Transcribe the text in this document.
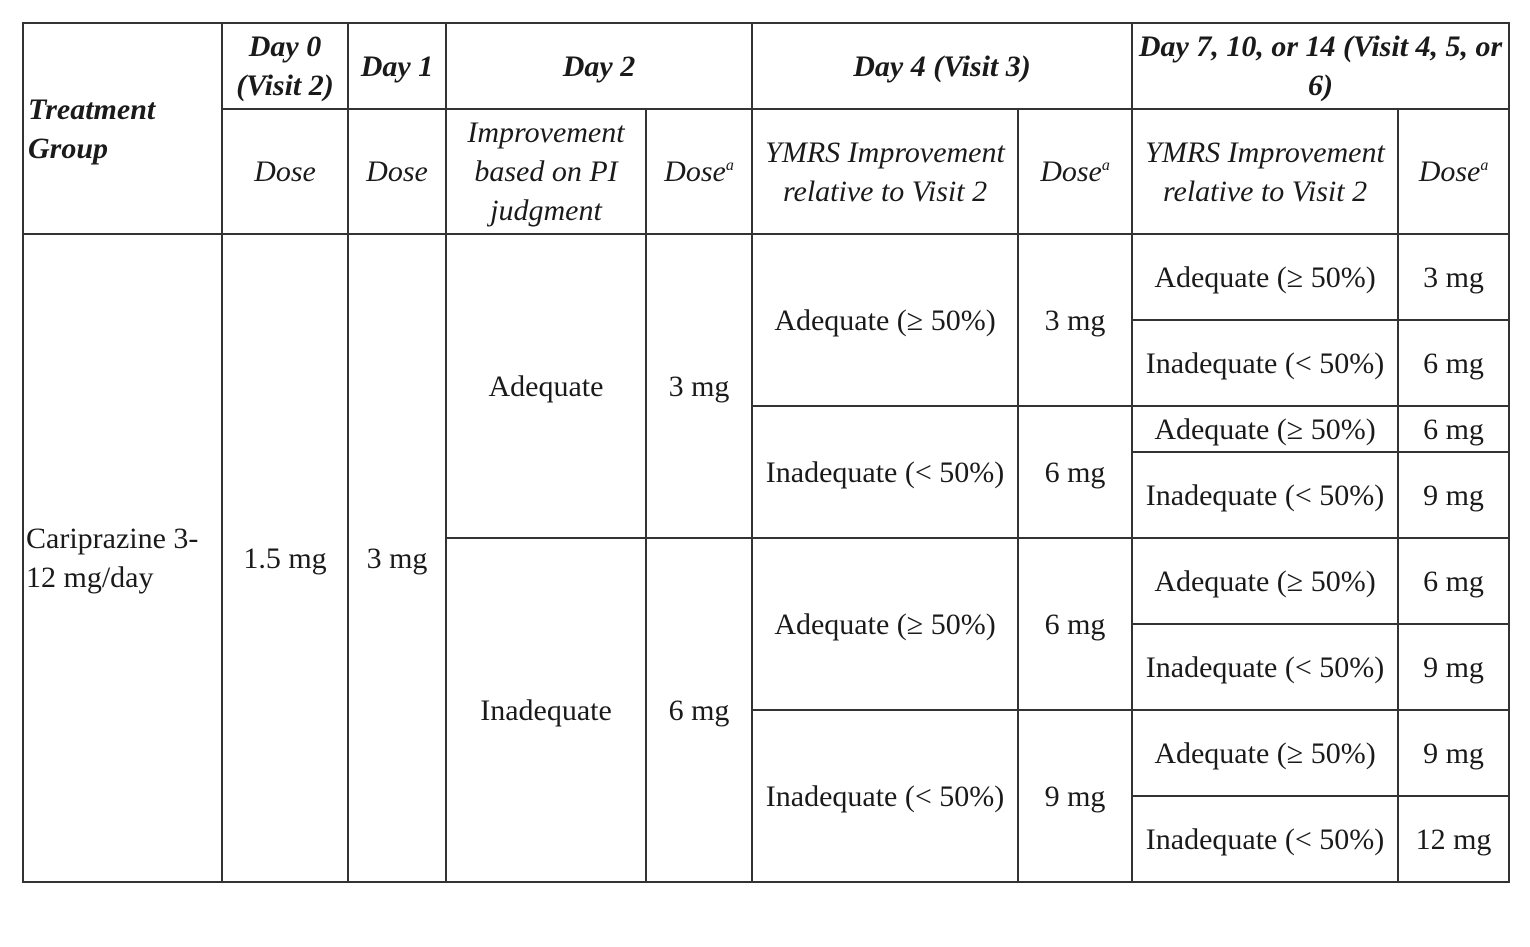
Treatment Group	Day 0 (Visit 2)	Day 1	Day 2		Day 4 (Visit 3)		Day 7, 10, or 14 (Visit 4, 5, or 6)	
	Dose	Dose	Improvement based on PI judgment	Dose$^a$	YMRS Improvement relative to Visit 2	Dose$^a$	YMRS Improvement relative to Visit 2	Dose$^a$
Cariprazine 3-12 mg/day	1.5 mg	3 mg	Adequate	3 mg	Adequate (≥ 50%)	3 mg	Adequate (≥ 50%)	3 mg
							Inadequate (< 50%)	6 mg
					Inadequate (< 50%)	6 mg	Adequate (≥ 50%)	6 mg
							Inadequate (< 50%)	9 mg
			Inadequate	6 mg	Adequate (≥ 50%)	6 mg	Adequate (≥ 50%)	6 mg
							Inadequate (< 50%)	9 mg
					Inadequate (< 50%)	9 mg	Adequate (≥ 50%)	9 mg
							Inadequate (< 50%)	12 mg
